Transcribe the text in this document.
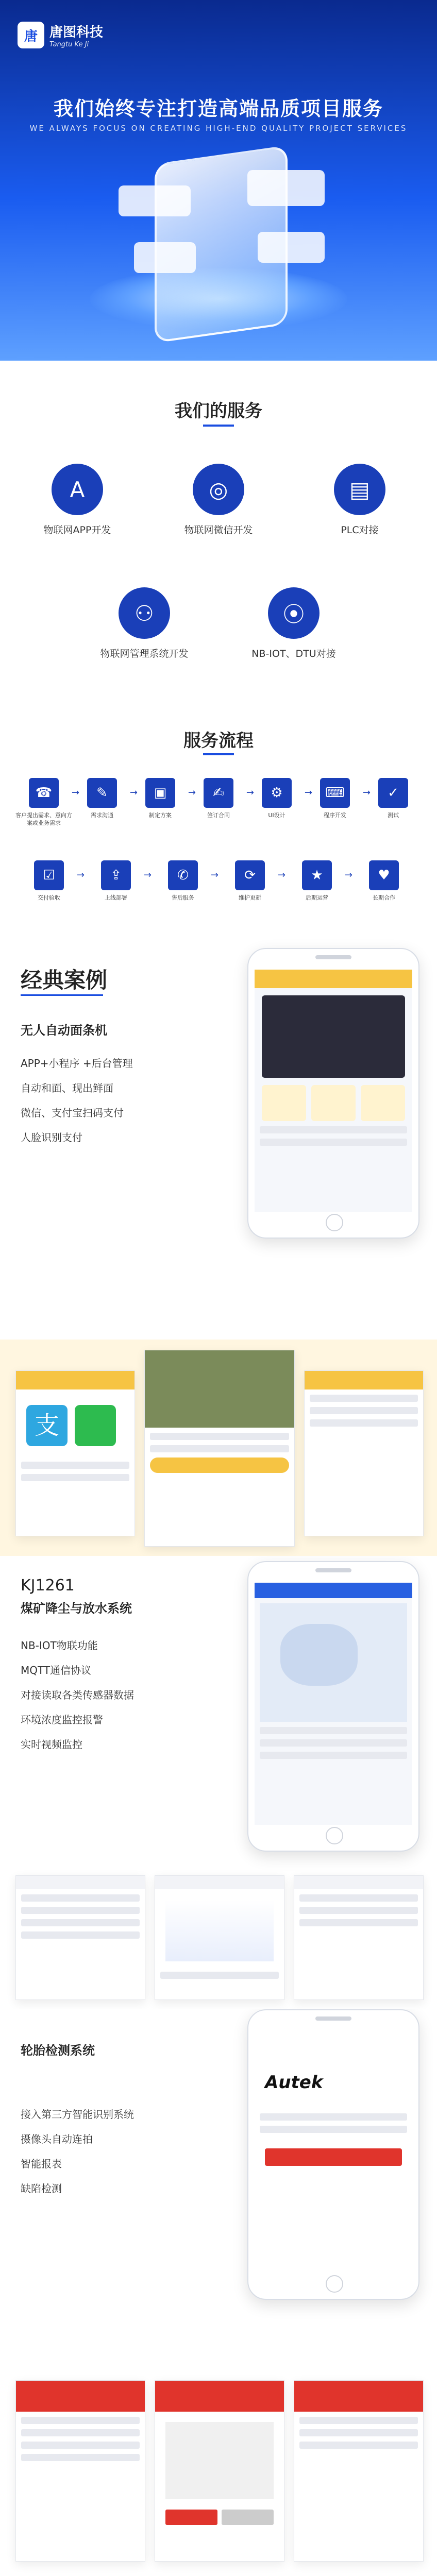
唐 唐图科技
Tangtu Ke Ji
我们始终专注打造高端品质项目服务
WE ALWAYS FOCUS ON CREATING HIGH-END QUALITY PROJECT SERVICES
我们的服务
A
物联网APP开发
◎
物联网微信开发
▤
PLC对接
⚇
物联网管理系统开发
⦿
NB-IOT、DTU对接
服务流程
☎
客户提出需求、意向方案或业务需求
→	✎
需求沟通
→	▣
制定方案
→	✍
签订合同
→	⚙
UI设计
→ ⌨
程序开发
→	✓
测试
☑
交付验收
→	⇪
上线部署
→	✆
售后服务
→	⟳
维护更新
→	★
后期运营
→	♥
长期合作
经典案例
无人自动面条机
APP+小程序 +后台管理
自动和面、现出鲜面
微信、支付宝扫码支付
人脸识别支付
支
KJ1261
煤矿降尘与放水系统
NB-IOT物联功能
MQTT通信协议
对接读取各类传感器数据
环境浓度监控报警
实时视频监控
轮胎检测系统
接入第三方智能识别系统
摄像头自动连拍
智能报表
缺陷检测
Autek
